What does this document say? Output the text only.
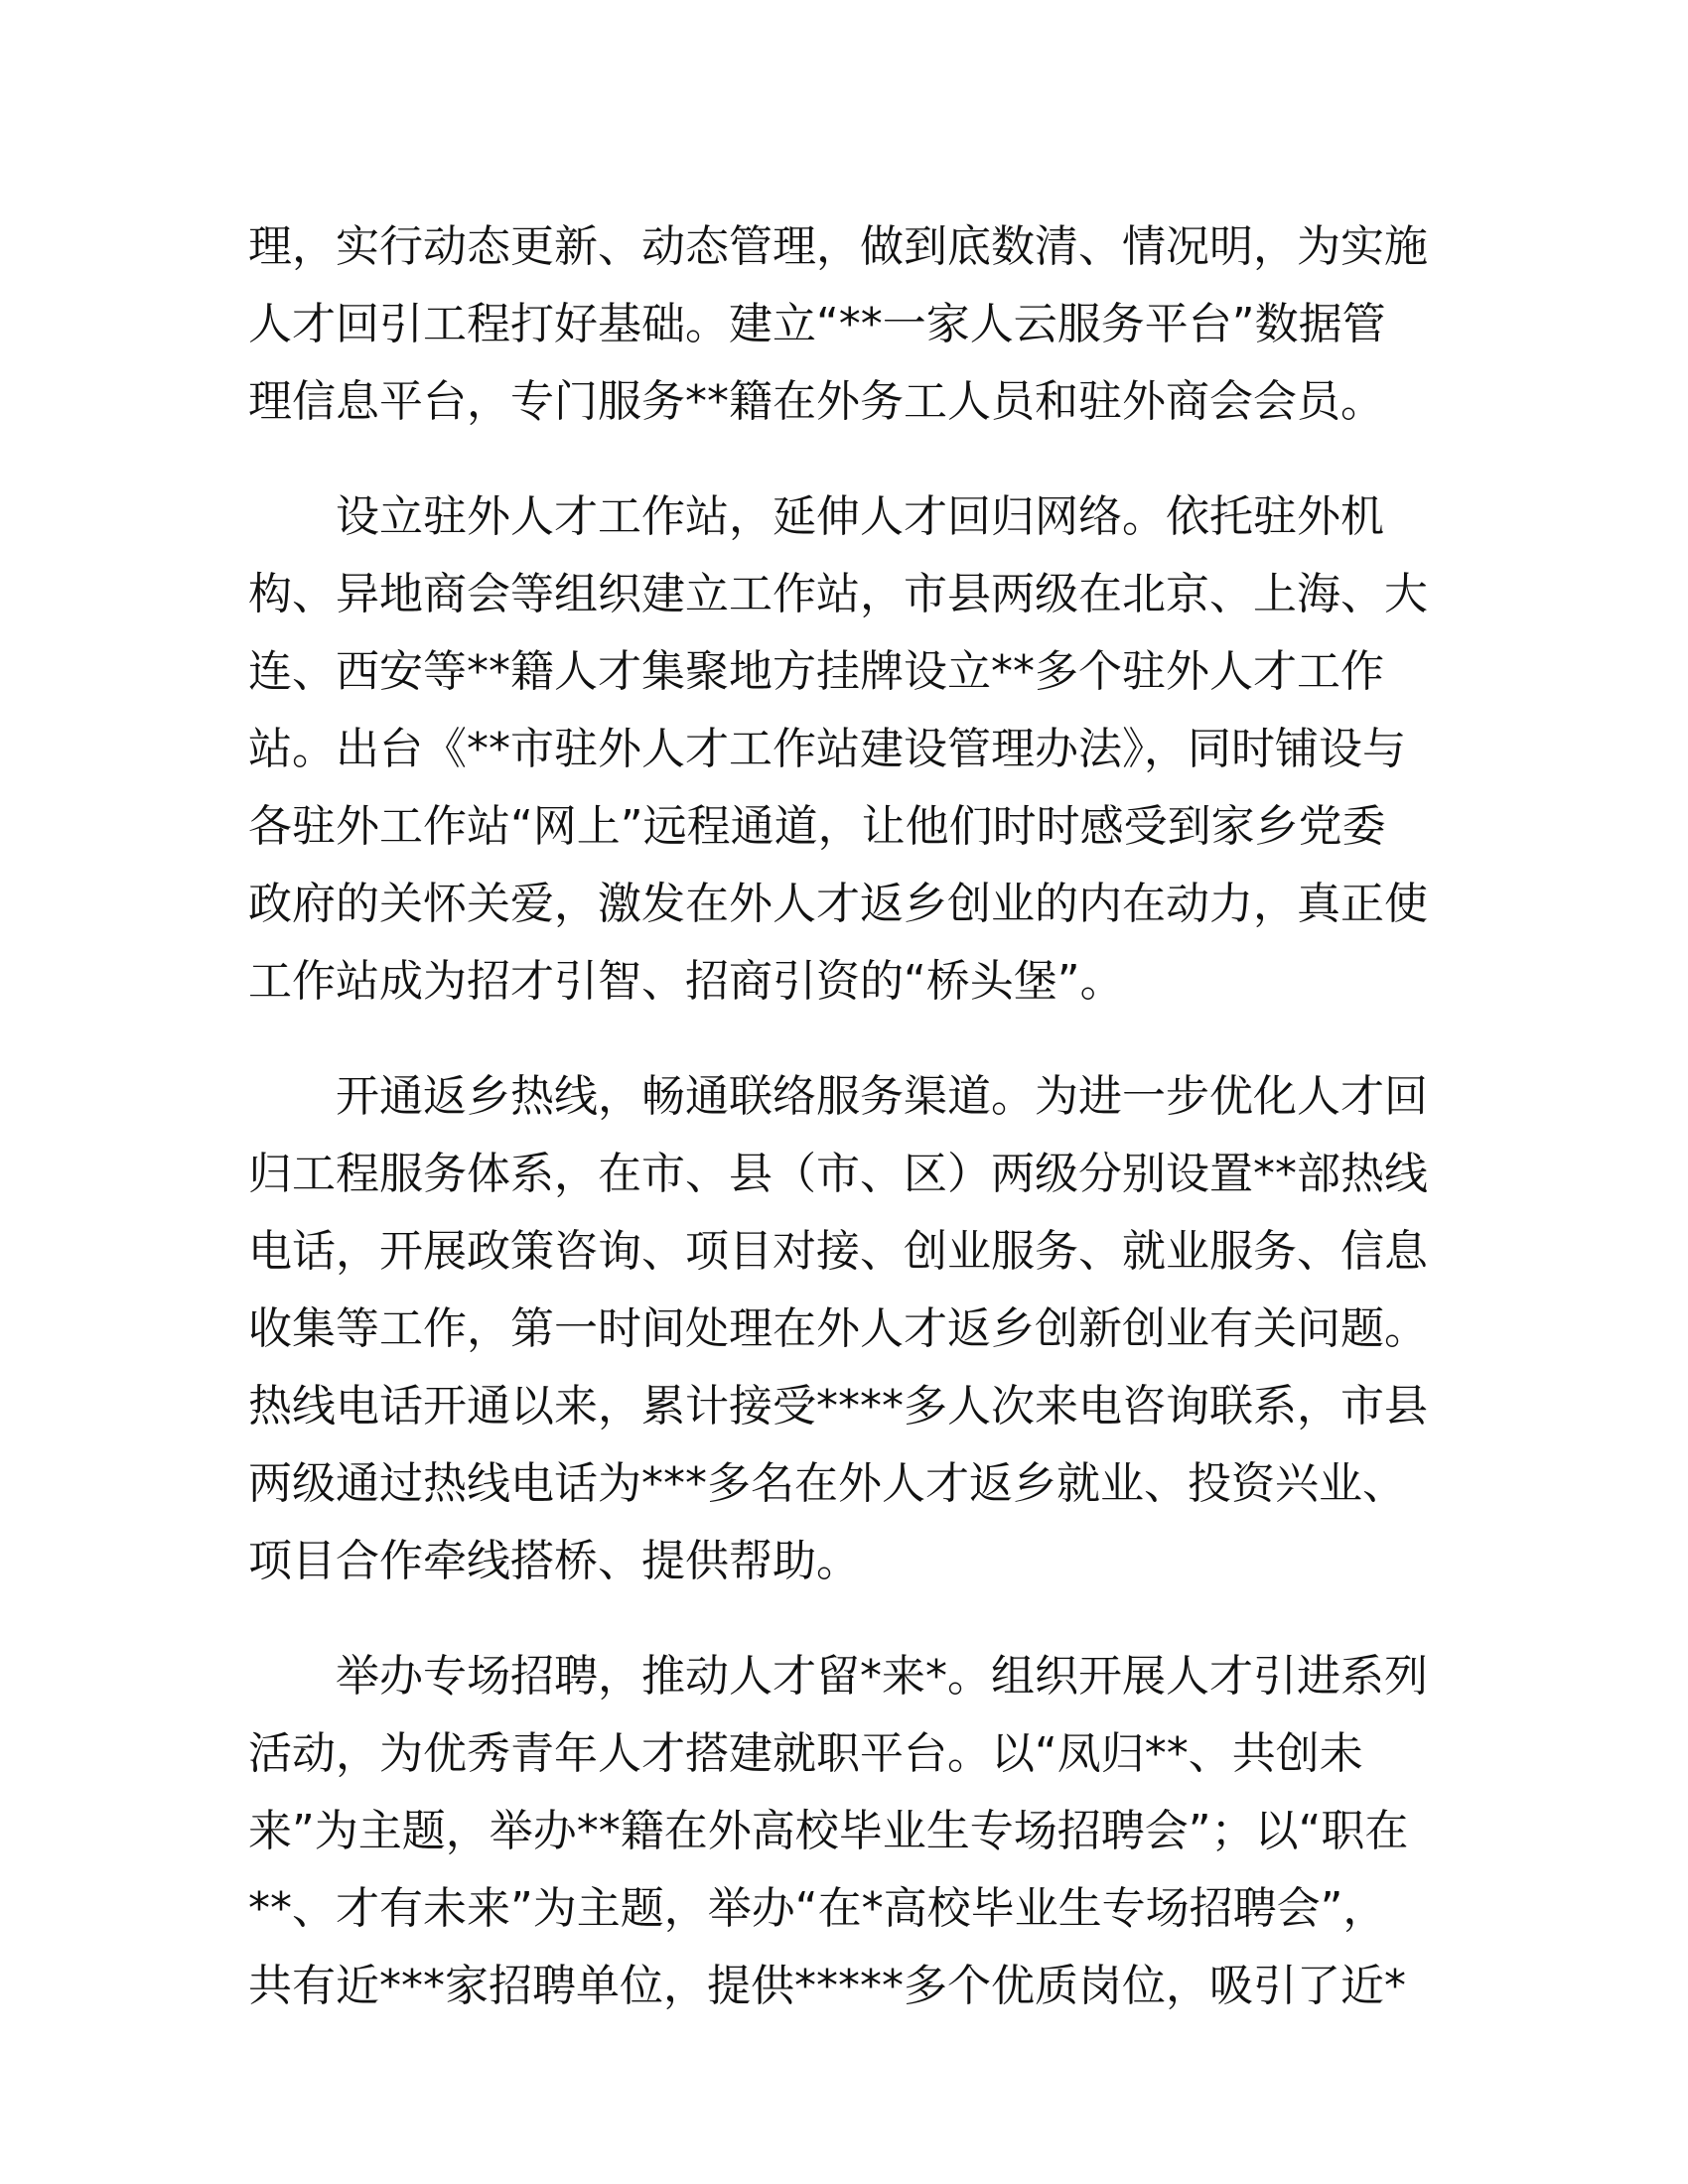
理，实行动态更新、动态管理，做到底数清、情况明，为实施
人才回引工程打好基础。建立“**一家人云服务平台”数据管
理信息平台，专门服务**籍在外务工人员和驻外商会会员。
　　设立驻外人才工作站，延伸人才回归网络。依托驻外机
构、异地商会等组织建立工作站，市县两级在北京、上海、大
连、西安等**籍人才集聚地方挂牌设立**多个驻外人才工作
站。出台《**市驻外人才工作站建设管理办法》，同时铺设与
各驻外工作站“网上”远程通道，让他们时时感受到家乡党委
政府的关怀关爱，激发在外人才返乡创业的内在动力，真正使
工作站成为招才引智、招商引资的“桥头堡”。
　　开通返乡热线，畅通联络服务渠道。为进一步优化人才回
归工程服务体系，在市、县（市、区）两级分别设置**部热线
电话，开展政策咨询、项目对接、创业服务、就业服务、信息
收集等工作，第一时间处理在外人才返乡创新创业有关问题。
热线电话开通以来，累计接受****多人次来电咨询联系，市县
两级通过热线电话为***多名在外人才返乡就业、投资兴业、
项目合作牵线搭桥、提供帮助。
　　举办专场招聘，推动人才留*来*。组织开展人才引进系列
活动，为优秀青年人才搭建就职平台。以“凤归**、共创未
来”为主题，举办**籍在外高校毕业生专场招聘会”；以“职在
**、才有未来”为主题，举办“在*高校毕业生专场招聘会”，
共有近***家招聘单位，提供*****多个优质岗位，吸引了近*
